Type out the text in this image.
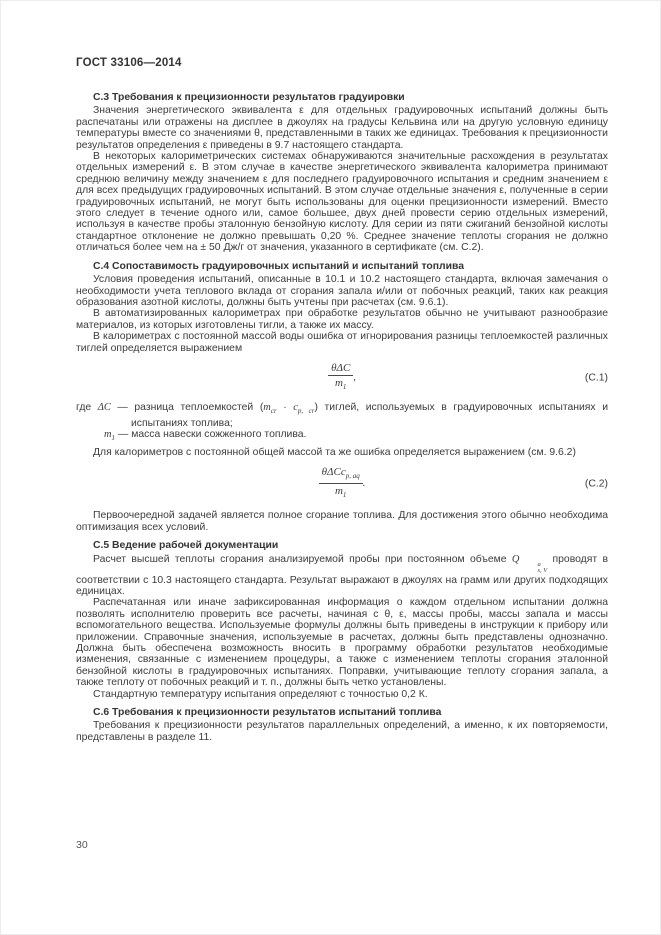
ГОСТ 33106—2014
С.3 Требования к прецизионности результатов градуировки

Значения энергетического эквивалента ε для отдельных градуировочных испытаний должны быть распечатаны или отражены на дисплее в джоулях на градусы Кельвина или на другую условную единицу температуры вместе со значениями θ, представленными в таких же единицах. Требования к прецизионности результатов определения ε приведены в 9.7 настоящего стандарта.

В некоторых калориметрических системах обнаруживаются значительные расхождения в результатах отдельных измерений ε. В этом случае в качестве энергетического эквивалента калориметра принимают среднюю величину между значением ε для последнего градуировочного испытания и средним значением ε для всех предыдущих градуировочных испытаний. В этом случае отдельные значения ε, полученные в серии градуировочных испытаний, не могут быть использованы для оценки прецизионности измерений. Вместо этого следует в течение одного или, самое большее, двух дней провести серию отдельных измерений, используя в качестве пробы эталонную бензойную кислоту. Для серии из пяти сжиганий бензойной кислоты стандартное отклонение не должно превышать 0,20 %. Среднее значение теплоты сгорания не должно отличаться более чем на ± 50 Дж/г от значения, указанного в сертификате (см. С.2).

С.4 Сопоставимость градуировочных испытаний и испытаний топлива

Условия проведения испытаний, описанные в 10.1 и 10.2 настоящего стандарта, включая замечания о необходимости учета теплового вклада от сгорания запала и/или от побочных реакций, таких как реакция образования азотной кислоты, должны быть учтены при расчетах (см. 9.6.1).

В автоматизированных калориметрах при обработке результатов обычно не учитывают разнообразие материалов, из которых изготовлены тигли, а также их массу.

В калориметрах с постоянной массой воды ошибка от игнорирования разницы теплоемкостей различных тиглей определяется выражением

$\frac{\text{θΔC}}{m_1}$ ,	(С.1)
где ΔC — разница теплоемкостей $(m_{cr} \cdot c_{p, cr})$ тиглей, используемых в градуировочных испытаниях и испытаниях топлива;
$m_1$ — масса навески сожженного топлива.

Для калориметров с постоянной общей массой та же ошибка определяется выражением (см. 9.6.2)

$\frac{\theta\Delta Cc_{p, aq}}{m_1}$ .	(С.2)

Первоочередной задачей является полное сгорание топлива. Для достижения этого обычно необходима оптимизация всех условий.

С.5 Ведение рабочей документации

Расчет высшей теплоты сгорания анализируемой пробы при постоянном объеме Q	a
s, V
проводят в соответствии с 10.3 настоящего стандарта. Результат выражают в джоулях на грамм или других подходящих единицах.

Распечатанная или иначе зафиксированная информация о каждом отдельном испытании должна позволять исполнителю проверить все расчеты, начиная с θ, ε, массы пробы, массы запала и массы вспомогательного вещества. Используемые формулы должны быть приведены в инструкции к прибору или приложении. Справочные значения, используемые в расчетах, должны быть представлены однозначно. Должна быть обеспечена возможность вносить в программу обработки результатов необходимые изменения, связанные с изменением процедуры, а также с изменением теплоты сгорания эталонной бензойной кислоты в градуировочных испытаниях. Поправки, учитывающие теплоту сгорания запала, а также теплоту от побочных реакций и т. п., должны быть четко установлены.

Стандартную температуру испытания определяют с точностью 0,2 К.

С.6 Требования к прецизионности результатов испытаний топлива

Требования к прецизионности результатов параллельных определений, а именно, к их повторяемости, представлены в разделе 11.

30
